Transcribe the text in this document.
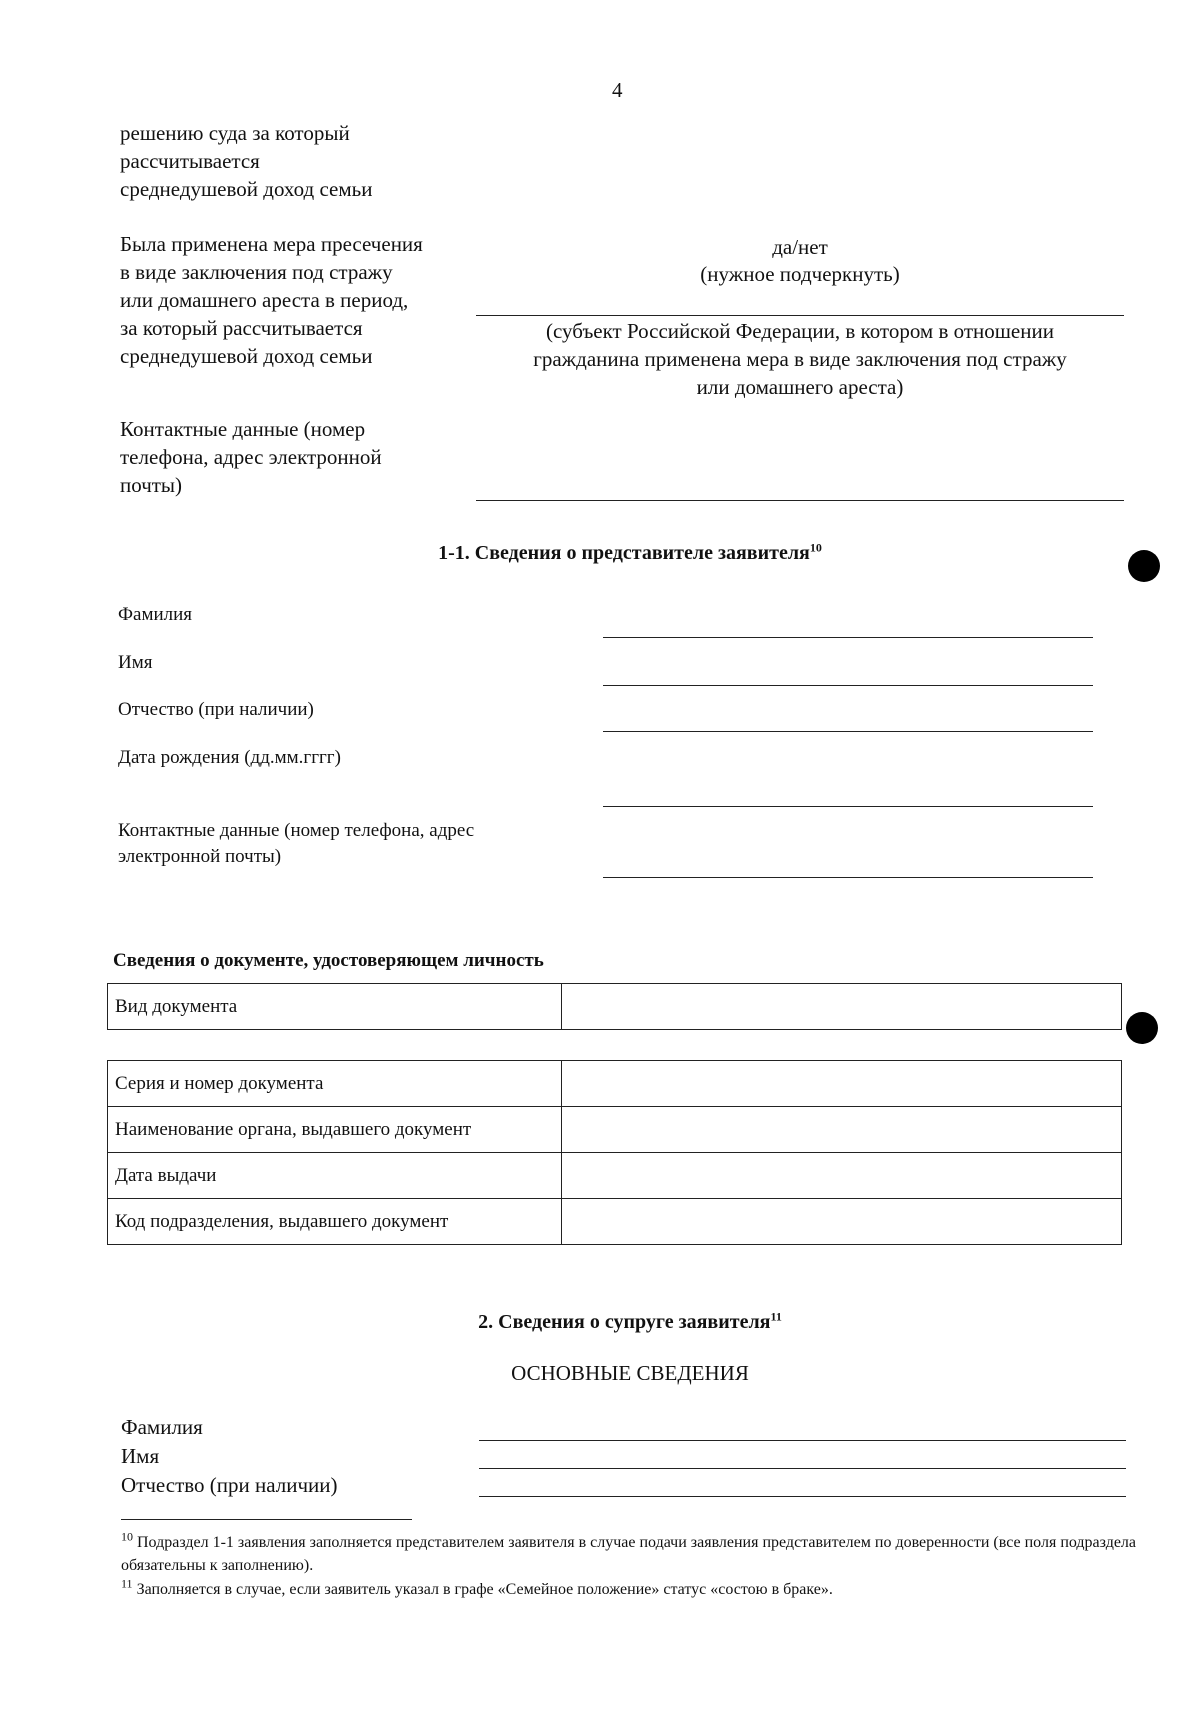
4
решению суда за который
рассчитывается
среднедушевой доход семьи
Была применена мера пресечения
в виде заключения под стражу
или домашнего ареста в период,
за который рассчитывается
среднедушевой доход семьи
да/нет
(нужное подчеркнуть)
(субъект Российской Федерации, в котором в отношении
гражданина применена мера в виде заключения под стражу
или домашнего ареста)
Контактные данные (номер
телефона, адрес электронной
почты)
1-1. Сведения о представителе заявителя$^{10}$
Фамилия
Имя
Отчество (при наличии)
Дата рождения (дд.мм.гггг)
Контактные данные (номер телефона, адрес
электронной почты)
Сведения о документе, удостоверяющем личность
Вид документа	
Серия и номер документа	
Наименование органа, выдавшего документ	
Дата выдачи	
Код подразделения, выдавшего документ	
2. Сведения о супруге заявителя$^{11}$
ОСНОВНЫЕ СВЕДЕНИЯ
Фамилия
Имя
Отчество (при наличии)
$^{10}$ Подраздел 1-1 заявления заполняется представителем заявителя в случае подачи заявления представителем по доверенности (все поля подраздела обязательны к заполнению).
$^{11}$ Заполняется в случае, если заявитель указал в графе «Семейное положение» статус «состою в браке».
